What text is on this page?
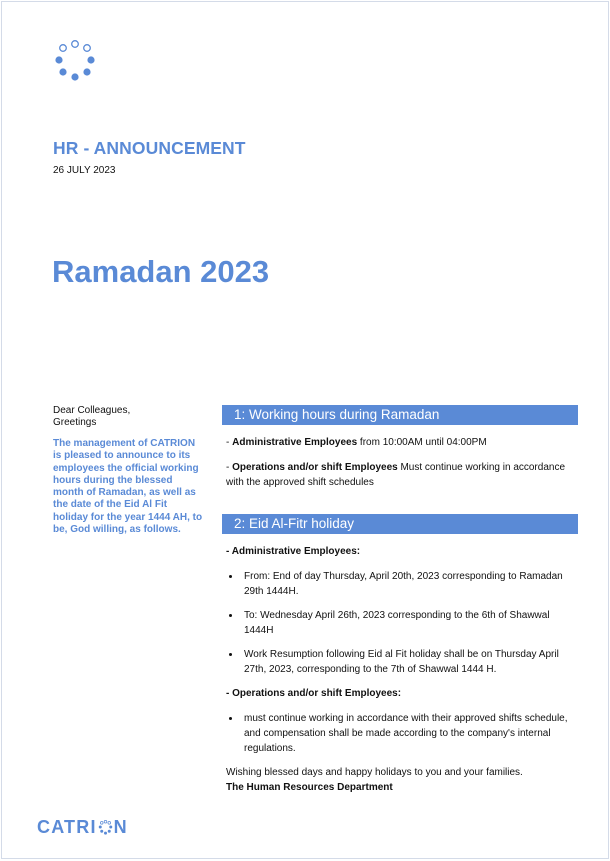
HR - ANNOUNCEMENT
26 JULY 2023
Ramadan 2023
Dear Colleagues,
Greetings
The management of CATRION is pleased to announce to its employees the official working hours during the blessed month of Ramadan, as well as the date of the Eid Al Fit holiday for the year 1444 AH, to be, God willing, as follows.
1: Working hours during Ramadan

- Administrative Employees from 10:00AM until 04:00PM

- Operations and/or shift Employees Must continue working in accordance with the approved shift schedules

2: Eid Al-Fitr holiday

- Administrative Employees:

From: End of day Thursday, April 20th, 2023 corresponding to Ramadan 29th 1444H.
To: Wednesday April 26th, 2023 corresponding to the 6th of Shawwal 1444H
Work Resumption following Eid al Fit holiday shall be on Thursday April 27th, 2023, corresponding to the 7th of Shawwal 1444 H.

- Operations and/or shift Employees:

must continue working in accordance with their approved shifts schedule, and compensation shall be made according to the company's internal regulations.

Wishing blessed days and happy holidays to you and your families.

The Human Resources Department

CATRI N
